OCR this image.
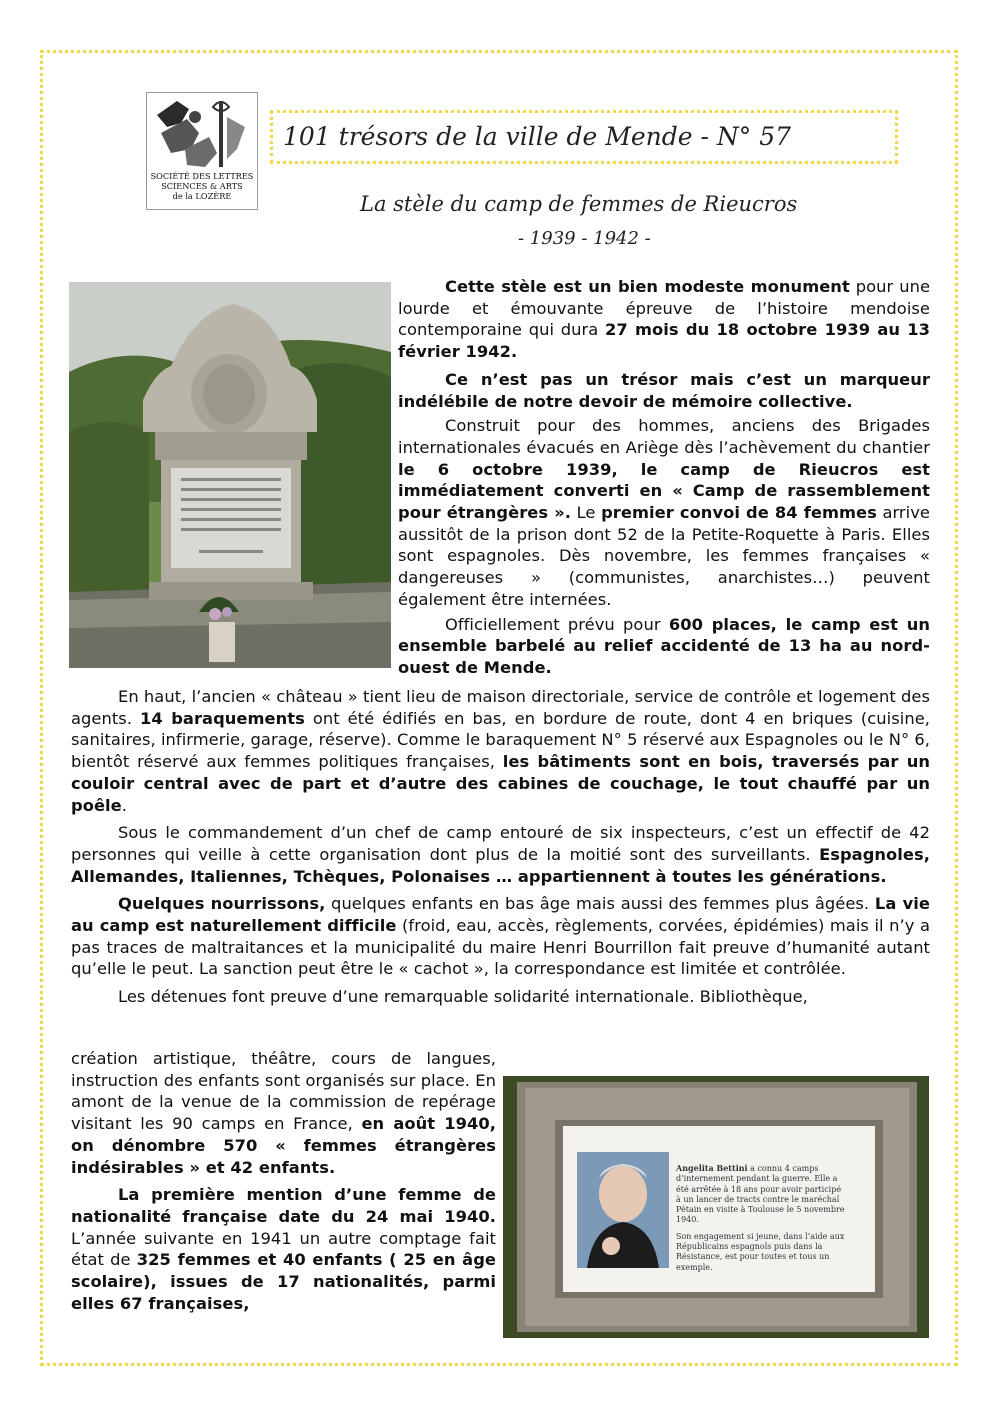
SOCIÉTÉ DES LETTRES
SCIENCES & ARTS
de la LOZÈRE
101 trésors de la ville de Mende - N° 57
La stèle du camp de femmes de Rieucros
- 1939 - 1942 -
Angelita Bettini a connu 4 camps d’internement pendant la guerre. Elle a été arrêtée à 18 ans pour avoir participé à un lancer de tracts contre le maréchal Pétain en visite à Toulouse le 5 novembre 1940.
Son engagement si jeune, dans l’aide aux Républicains espagnols puis dans la Résistance, est pour toutes et tous un exemple.

Cette stèle est un bien modeste monument pour une lourde et émouvante épreuve de l’histoire mendoise contemporaine qui dura 27 mois du 18 octobre 1939 au 13 février 1942.

Ce n’est pas un trésor mais c’est un marqueur indélébile de notre devoir de mémoire collective.

Construit pour des hommes, anciens des Brigades internationales évacués en Ariège dès l’achèvement du chantier le 6 octobre 1939, le camp de Rieucros est immédiatement converti en « Camp de rassemblement pour étrangères ». Le premier convoi de 84 femmes arrive aussitôt de la prison dont 52 de la Petite-Roquette à Paris. Elles sont espagnoles. Dès novembre, les femmes françaises « dangereuses » (communistes, anarchistes…) peuvent également être internées.

Officiellement prévu pour 600 places, le camp est un ensemble barbelé au relief accidenté de 13 ha au nord-ouest de Mende.

En haut, l’ancien « château » tient lieu de maison directoriale, service de contrôle et logement des agents. 14 baraquements ont été édifiés en bas, en bordure de route, dont 4 en briques (cuisine, sanitaires, infirmerie, garage, réserve). Comme le baraquement N° 5 réservé aux Espagnoles ou le N° 6, bientôt réservé aux femmes politiques françaises, les bâtiments sont en bois, traversés par un couloir central avec de part et d’autre des cabines de couchage, le tout chauffé par un poêle.

Sous le commandement d’un chef de camp entouré de six inspecteurs, c’est un effectif de 42 personnes qui veille à cette organisation dont plus de la moitié sont des surveillants. Espagnoles, Allemandes, Italiennes, Tchèques, Polonaises … appartiennent à toutes les générations.

Quelques nourrissons, quelques enfants en bas âge mais aussi des femmes plus âgées. La vie au camp est naturellement difficile (froid, eau, accès, règlements, corvées, épidémies) mais il n’y a pas traces de maltraitances et la municipalité du maire Henri Bourrillon fait preuve d’humanité autant qu’elle le peut. La sanction peut être le « cachot », la correspondance est limitée et contrôlée.

Les détenues font preuve d’une remarquable solidarité internationale. Bibliothèque,

création artistique, théâtre, cours de langues, instruction des enfants sont organisés sur place. En amont de la venue de la commission de repérage visitant les 90 camps en France, en août 1940, on dénombre 570 « femmes étrangères indésirables » et 42 enfants.

La première mention d’une femme de nationalité française date du 24 mai 1940. L’année suivante en 1941 un autre comptage fait état de 325 femmes et 40 enfants ( 25 en âge scolaire), issues de 17 nationalités, parmi elles 67 françaises,
